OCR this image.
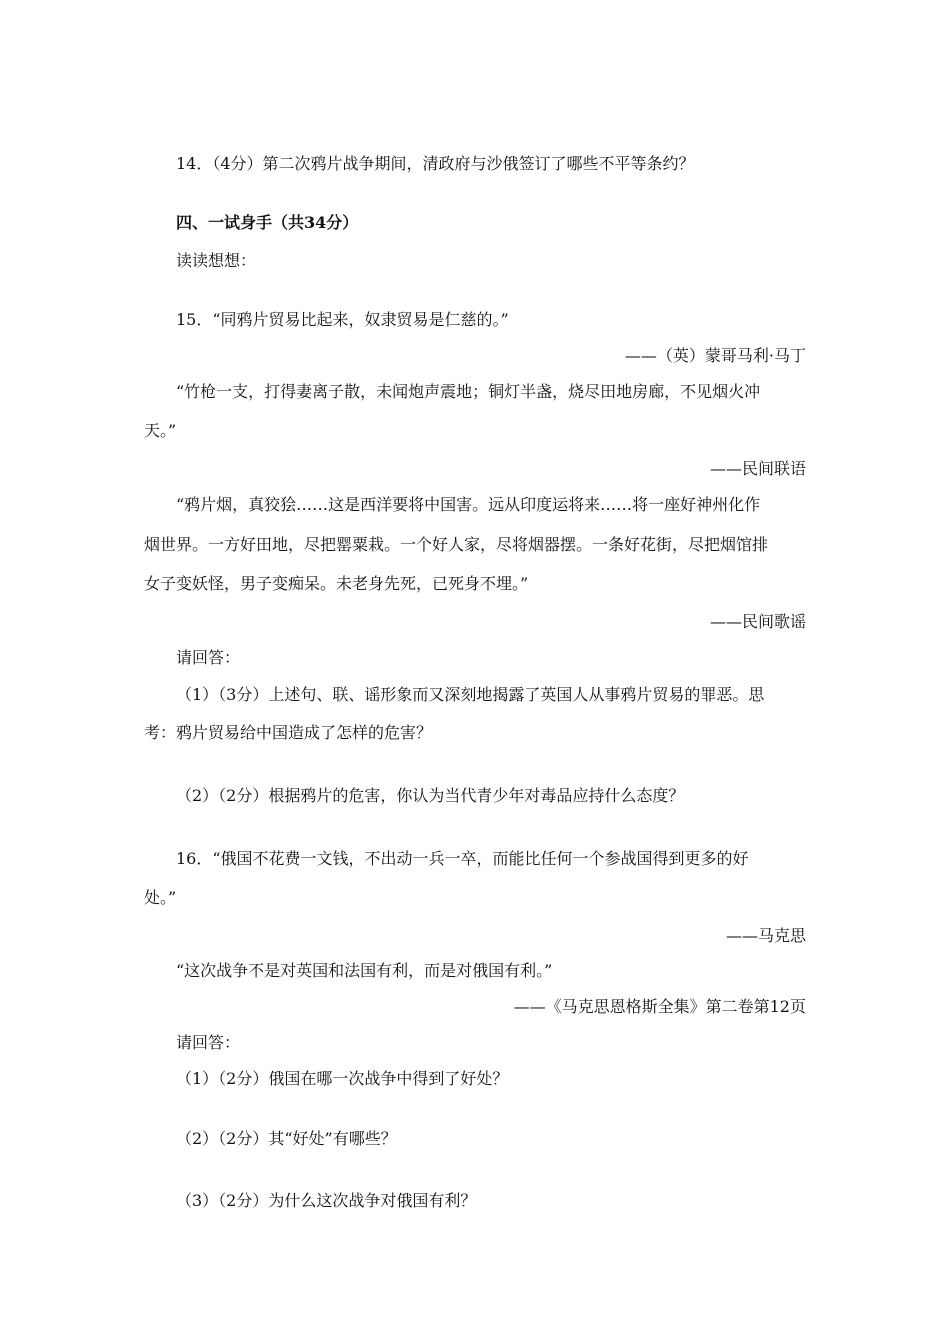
14．（4分）第二次鸦片战争期间，清政府与沙俄签订了哪些不平等条约？
四、一试身手（共34分）
读读想想：
15．“同鸦片贸易比起来，奴隶贸易是仁慈的。”
——（英）蒙哥马利·马丁
“竹枪一支，打得妻离子散，未闻炮声震地；铜灯半盏，烧尽田地房廊，不见烟火冲
天。”
——民间联语
“鸦片烟，真狡狯……这是西洋要将中国害。远从印度运将来……将一座好神州化作
烟世界。一方好田地，尽把罂粟栽。一个好人家，尽将烟器摆。一条好花街，尽把烟馆排
女子变妖怪，男子变痴呆。未老身先死，已死身不埋。”
——民间歌谣
请回答：
（1）（3分）上述句、联、谣形象而又深刻地揭露了英国人从事鸦片贸易的罪恶。思
考：鸦片贸易给中国造成了怎样的危害？
（2）（2分）根据鸦片的危害，你认为当代青少年对毒品应持什么态度？
16．“俄国不花费一文钱，不出动一兵一卒，而能比任何一个参战国得到更多的好
处。”
——马克思
“这次战争不是对英国和法国有利，而是对俄国有利。”
——《马克思恩格斯全集》第二卷第12页
请回答：
（1）（2分）俄国在哪一次战争中得到了好处？
（2）（2分）其“好处”有哪些？
（3）（2分）为什么这次战争对俄国有利？
